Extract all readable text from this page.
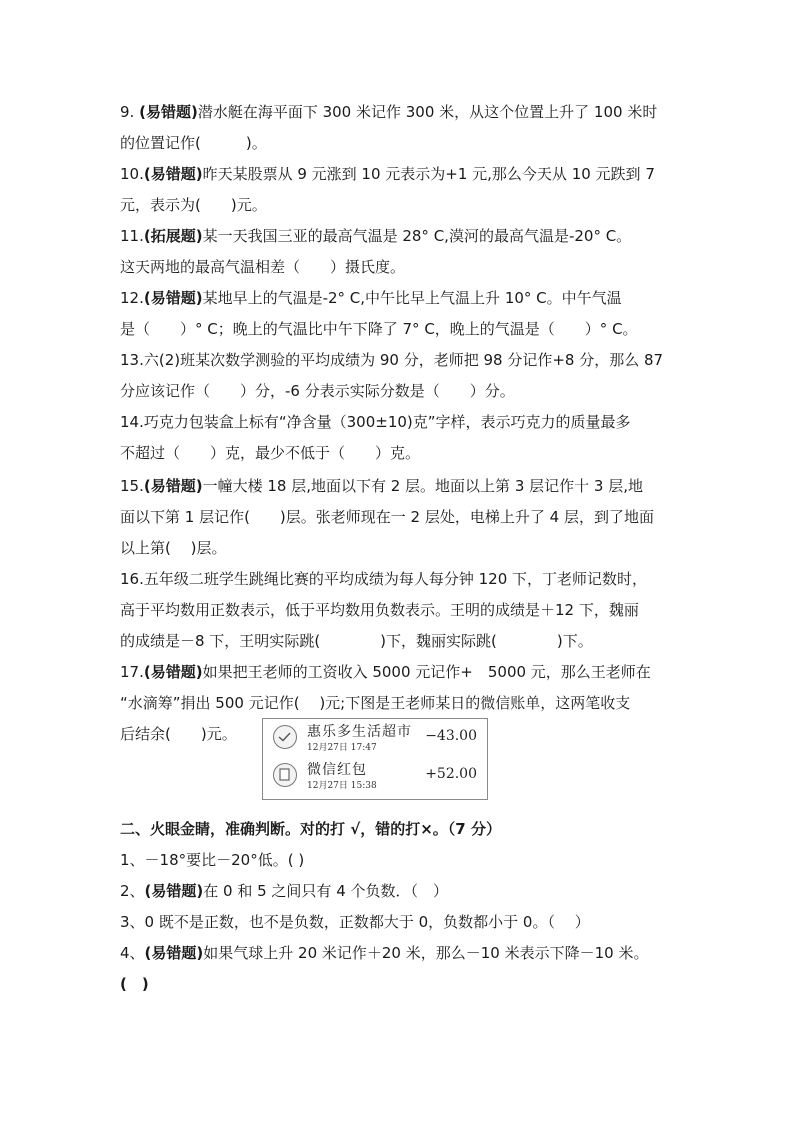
9. (易错题)潜水艇在海平面下 300 米记作 300 米，从这个位置上升了 100 米时
的位置记作(　　　)。
10.(易错题)昨天某股票从 9 元涨到 10 元表示为+1 元,那么今天从 10 元跌到 7
元，表示为(　　)元。
11.(拓展题)某一天我国三亚的最高气温是 28° C,漠河的最高气温是-20° C。
这天两地的最高气温相差（　　）摄氏度。
12.(易错题)某地早上的气温是-2° C,中午比早上气温上升 10° C。中午气温
是（　　）° C；晚上的气温比中午下降了 7° C，晚上的气温是（　　）° C。
13.六(2)班某次数学测验的平均成绩为 90 分，老师把 98 分记作+8 分，那么 87
分应该记作（　　）分，-6 分表示实际分数是（　　）分。
14.巧克力包装盒上标有“净含量（300±10)克”字样，表示巧克力的质量最多
不超过（　　）克，最少不低于（　　）克。
15.(易错题)一幢大楼 18 层,地面以下有 2 层。地面以上第 3 层记作十 3 层,地
面以下第 1 层记作(　　)层。张老师现在一 2 层处，电梯上升了 4 层，到了地面
以上第(　 )层。
16.五年级二班学生跳绳比赛的平均成绩为每人每分钟 120 下，丁老师记数时，
高于平均数用正数表示，低于平均数用负数表示。王明的成绩是＋12 下，魏丽
的成绩是－8 下，王明实际跳(　　　　)下，魏丽实际跳(　　　　)下。
17.(易错题)如果把王老师的工资收入 5000 元记作+　5000 元，那么王老师在
“水滴筹”捐出 500 元记作(　 )元;下图是王老师某日的微信账单，这两笔收支
后结余(　　)元。	惠乐多生活超市
12月27日 17:47
−43.00
微信红包
12月27日 15:38
+52.00
二、火眼金睛，准确判断。对的打 √，错的打×。（7 分）
1、－18°要比－20°低。( )
2、(易错题)在 0 和 5 之间只有 4 个负数．（　）
3、0 既不是正数，也不是负数，正数都大于 0，负数都小于 0。（　 ）
4、(易错题)如果气球上升 20 米记作＋20 米，那么－10 米表示下降－10 米。
(　)
